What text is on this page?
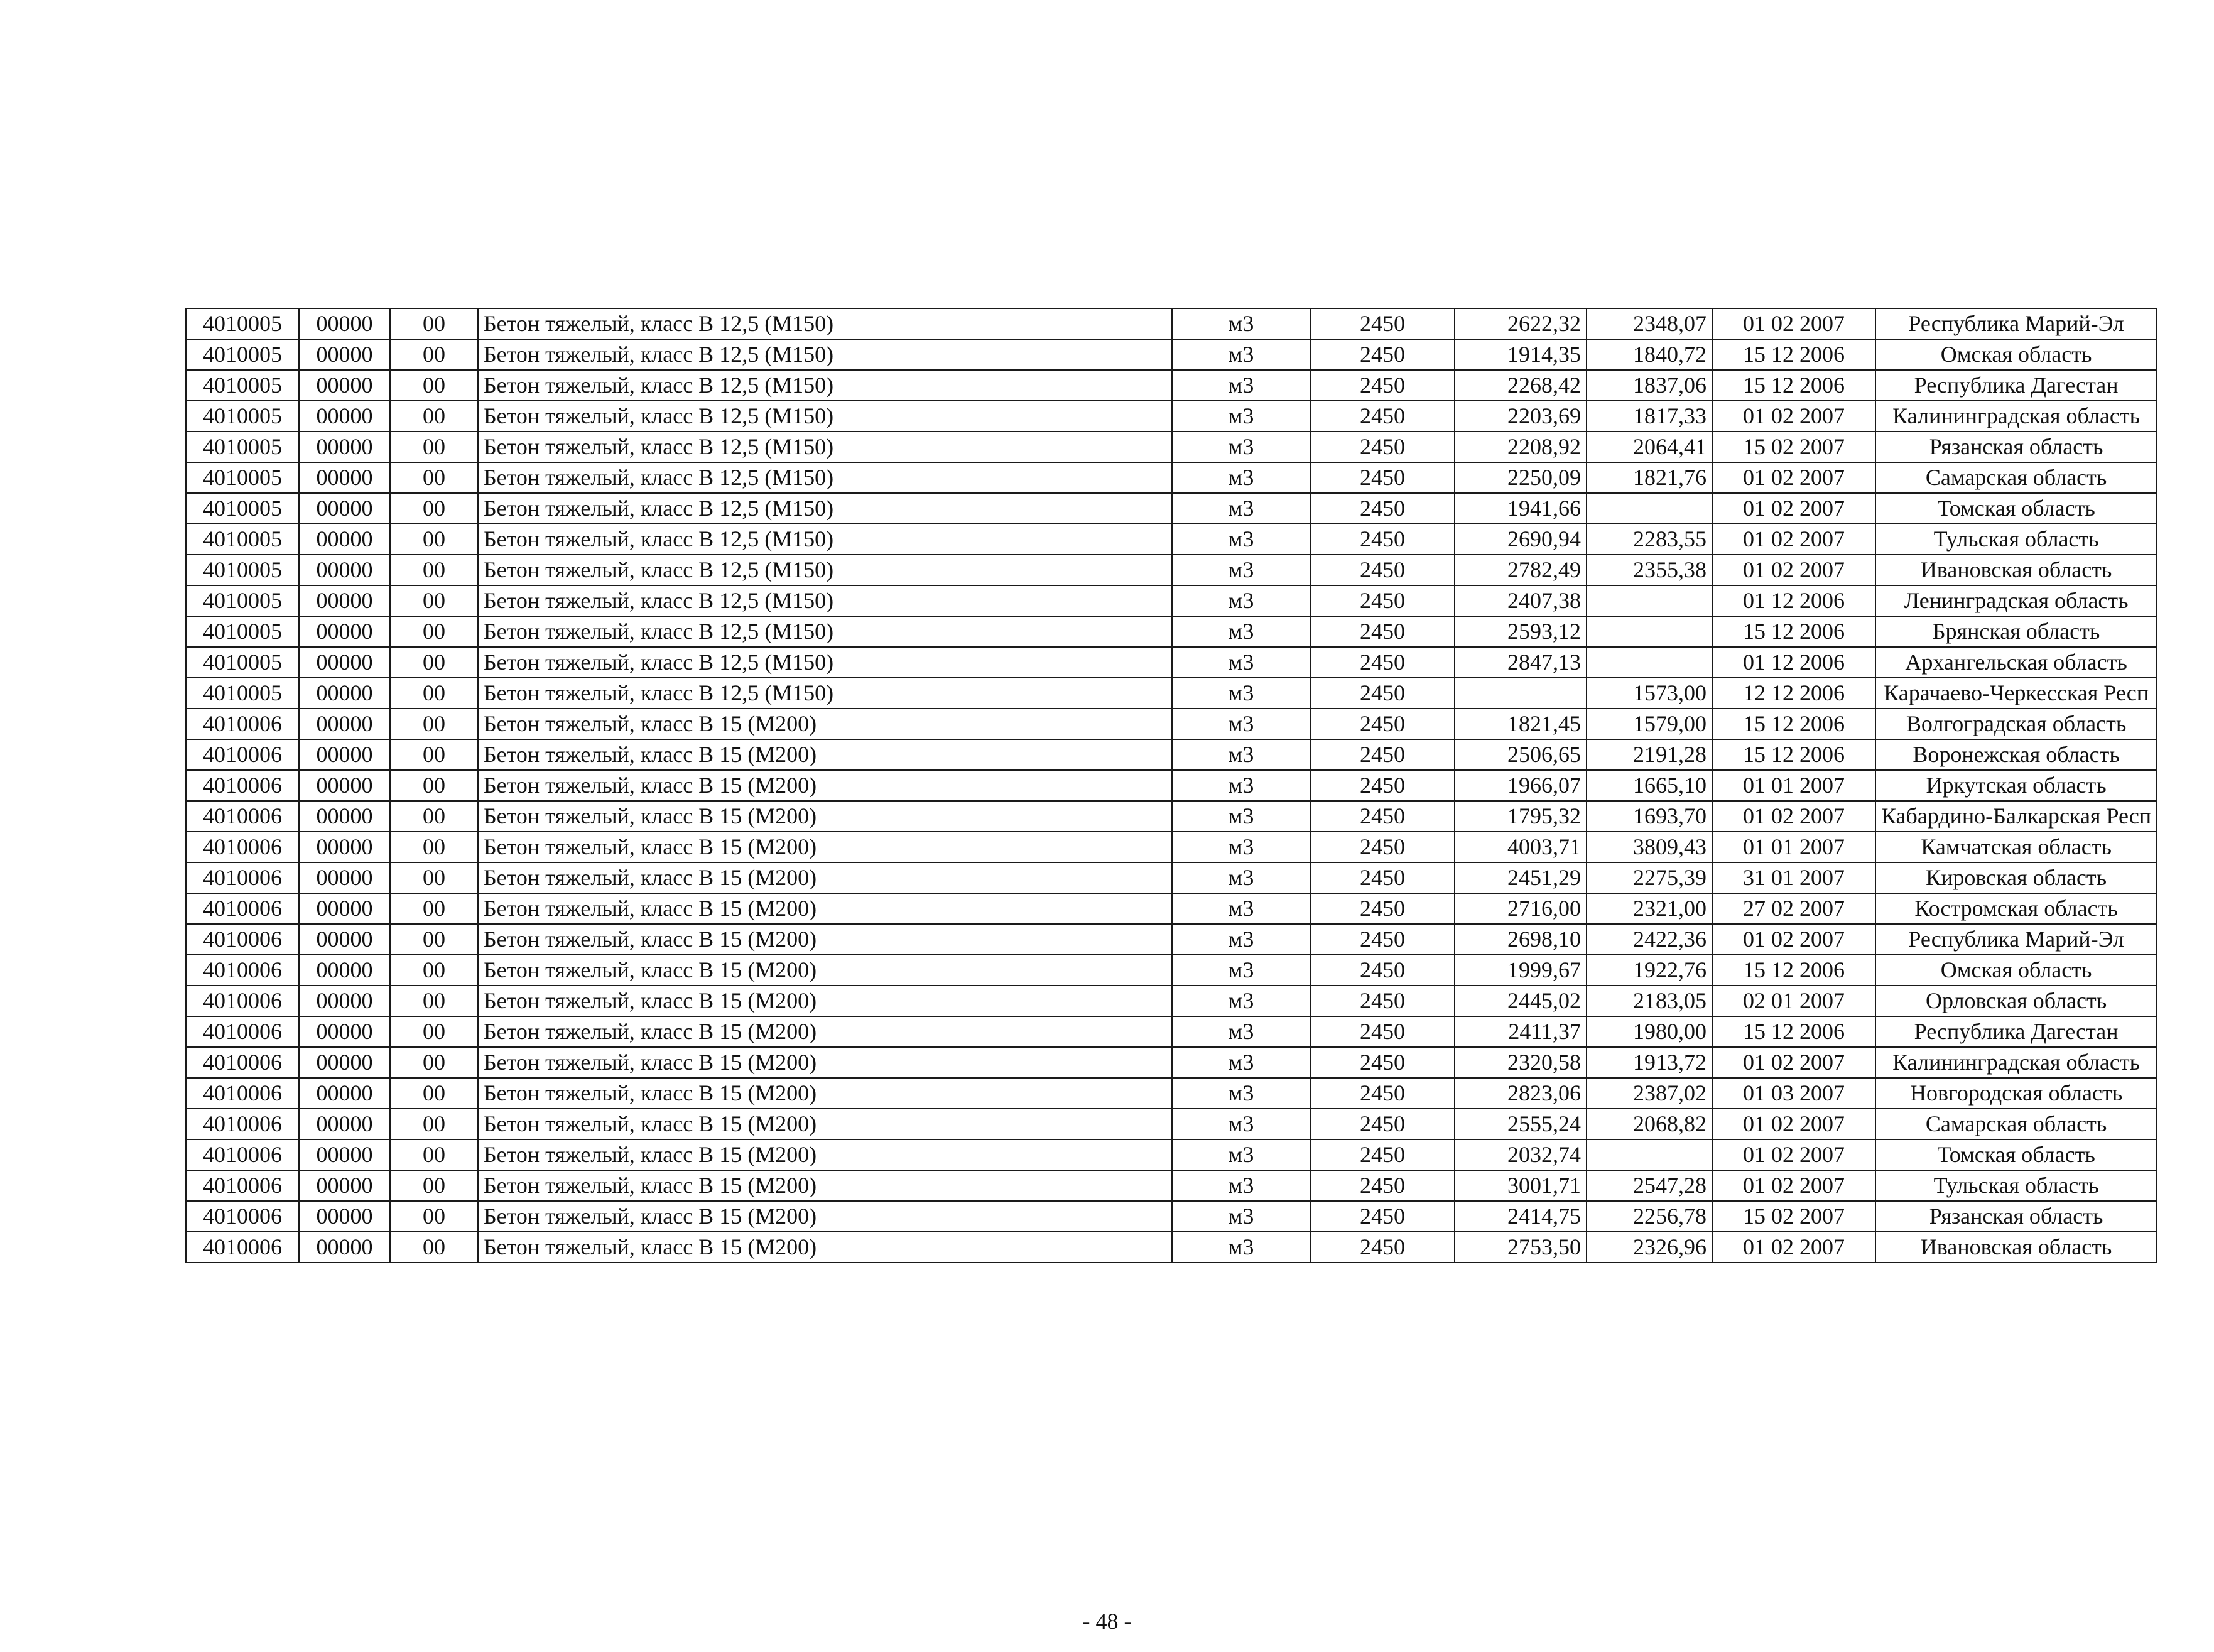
4010005	00000	00	Бетон тяжелый, класс В 12,5 (М150)	м3	2450	2622,32	2348,07	01 02 2007	Республика Марий-Эл
4010005	00000	00	Бетон тяжелый, класс В 12,5 (М150)	м3	2450	1914,35	1840,72	15 12 2006	Омская область
4010005	00000	00	Бетон тяжелый, класс В 12,5 (М150)	м3	2450	2268,42	1837,06	15 12 2006	Республика Дагестан
4010005	00000	00	Бетон тяжелый, класс В 12,5 (М150)	м3	2450	2203,69	1817,33	01 02 2007	Калининградская область
4010005	00000	00	Бетон тяжелый, класс В 12,5 (М150)	м3	2450	2208,92	2064,41	15 02 2007	Рязанская область
4010005	00000	00	Бетон тяжелый, класс В 12,5 (М150)	м3	2450	2250,09	1821,76	01 02 2007	Самарская область
4010005	00000	00	Бетон тяжелый, класс В 12,5 (М150)	м3	2450	1941,66		01 02 2007	Томская область
4010005	00000	00	Бетон тяжелый, класс В 12,5 (М150)	м3	2450	2690,94	2283,55	01 02 2007	Тульская область
4010005	00000	00	Бетон тяжелый, класс В 12,5 (М150)	м3	2450	2782,49	2355,38	01 02 2007	Ивановская область
4010005	00000	00	Бетон тяжелый, класс В 12,5 (М150)	м3	2450	2407,38		01 12 2006	Ленинградская область
4010005	00000	00	Бетон тяжелый, класс В 12,5 (М150)	м3	2450	2593,12		15 12 2006	Брянская область
4010005	00000	00	Бетон тяжелый, класс В 12,5 (М150)	м3	2450	2847,13		01 12 2006	Архангельская область
4010005	00000	00	Бетон тяжелый, класс В 12,5 (М150)	м3	2450		1573,00	12 12 2006	Карачаево-Черкесская Респ
4010006	00000	00	Бетон тяжелый, класс В 15 (М200)	м3	2450	1821,45	1579,00	15 12 2006	Волгоградская область
4010006	00000	00	Бетон тяжелый, класс В 15 (М200)	м3	2450	2506,65	2191,28	15 12 2006	Воронежская область
4010006	00000	00	Бетон тяжелый, класс В 15 (М200)	м3	2450	1966,07	1665,10	01 01 2007	Иркутская область
4010006	00000	00	Бетон тяжелый, класс В 15 (М200)	м3	2450	1795,32	1693,70	01 02 2007	Кабардино-Балкарская Респ
4010006	00000	00	Бетон тяжелый, класс В 15 (М200)	м3	2450	4003,71	3809,43	01 01 2007	Камчатская область
4010006	00000	00	Бетон тяжелый, класс В 15 (М200)	м3	2450	2451,29	2275,39	31 01 2007	Кировская область
4010006	00000	00	Бетон тяжелый, класс В 15 (М200)	м3	2450	2716,00	2321,00	27 02 2007	Костромская область
4010006	00000	00	Бетон тяжелый, класс В 15 (М200)	м3	2450	2698,10	2422,36	01 02 2007	Республика Марий-Эл
4010006	00000	00	Бетон тяжелый, класс В 15 (М200)	м3	2450	1999,67	1922,76	15 12 2006	Омская область
4010006	00000	00	Бетон тяжелый, класс В 15 (М200)	м3	2450	2445,02	2183,05	02 01 2007	Орловская область
4010006	00000	00	Бетон тяжелый, класс В 15 (М200)	м3	2450	2411,37	1980,00	15 12 2006	Республика Дагестан
4010006	00000	00	Бетон тяжелый, класс В 15 (М200)	м3	2450	2320,58	1913,72	01 02 2007	Калининградская область
4010006	00000	00	Бетон тяжелый, класс В 15 (М200)	м3	2450	2823,06	2387,02	01 03 2007	Новгородская область
4010006	00000	00	Бетон тяжелый, класс В 15 (М200)	м3	2450	2555,24	2068,82	01 02 2007	Самарская область
4010006	00000	00	Бетон тяжелый, класс В 15 (М200)	м3	2450	2032,74		01 02 2007	Томская область
4010006	00000	00	Бетон тяжелый, класс В 15 (М200)	м3	2450	3001,71	2547,28	01 02 2007	Тульская область
4010006	00000	00	Бетон тяжелый, класс В 15 (М200)	м3	2450	2414,75	2256,78	15 02 2007	Рязанская область
4010006	00000	00	Бетон тяжелый, класс В 15 (М200)	м3	2450	2753,50	2326,96	01 02 2007	Ивановская область
- 48 -
